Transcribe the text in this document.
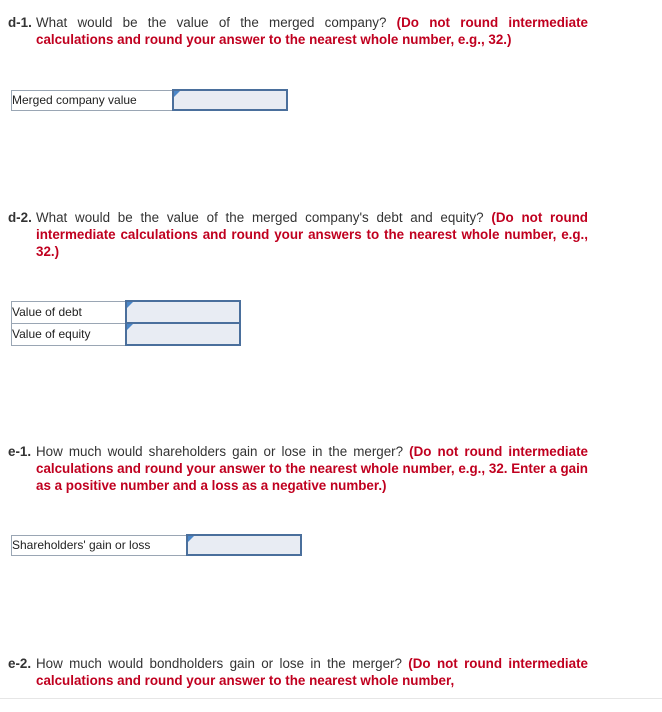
d-1. What would be the value of the merged company? (Do not round intermediate calculations and round your answer to the nearest whole number, e.g., 32.)
Merged company value	
d-2. What would be the value of the merged company's debt and equity? (Do not round intermediate calculations and round your answers to the nearest whole number, e.g., 32.)
Value of debt	

Value of equity	
e-1. How much would shareholders gain or lose in the merger? (Do not round intermediate calculations and round your answer to the nearest whole number, e.g., 32. Enter a gain as a positive number and a loss as a negative number.)
Shareholders' gain or loss	
e-2. How much would bondholders gain or lose in the merger? (Do not round intermediate calculations and round your answer to the nearest whole number,
